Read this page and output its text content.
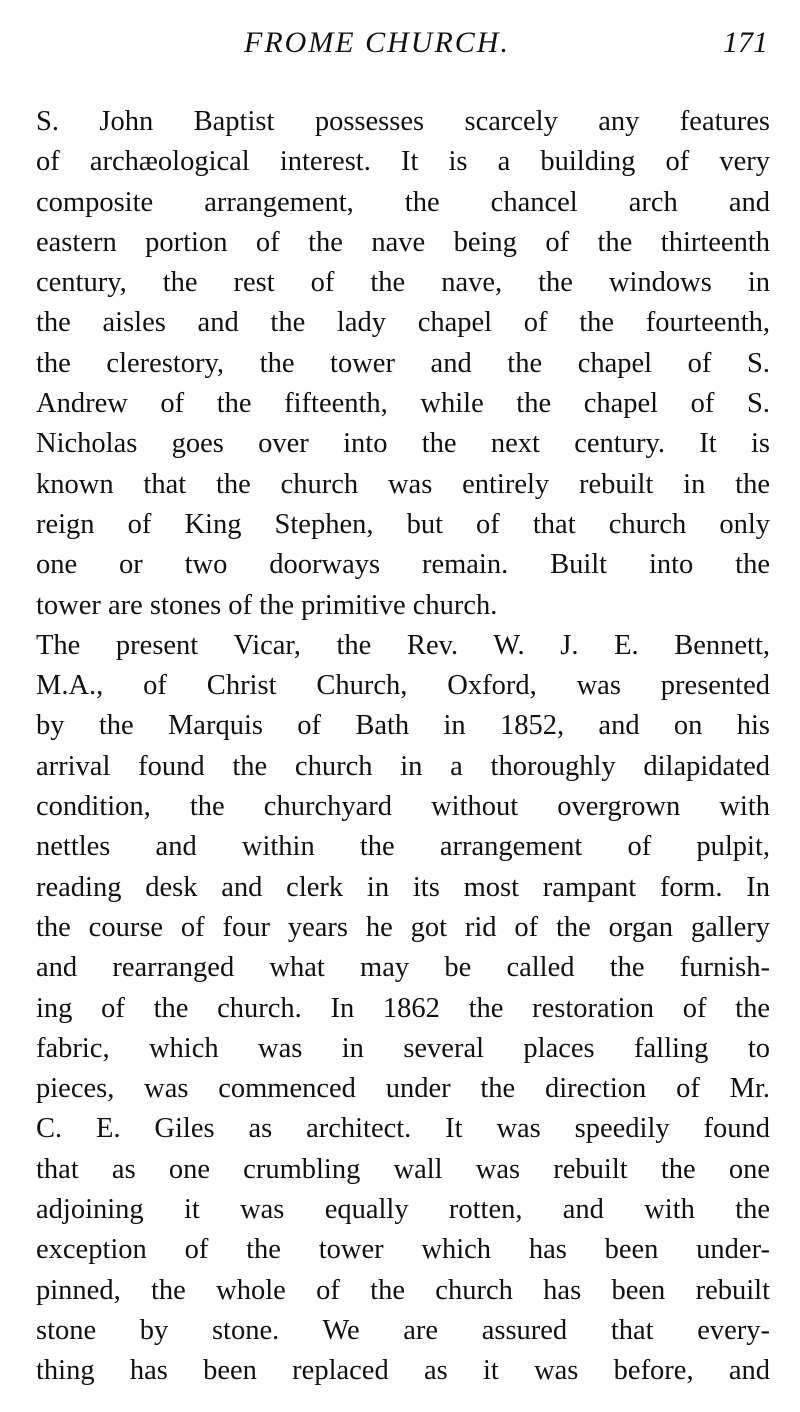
FROME CHURCH.	171
S. John Baptist possesses scarcely any features
of archæological interest. It is a building of very
composite arrangement, the chancel arch and
eastern portion of the nave being of the thirteenth
century, the rest of the nave, the windows in
the aisles and the lady chapel of the fourteenth,
the clerestory, the tower and the chapel of S.
Andrew of the fifteenth, while the chapel of S.
Nicholas goes over into the next century. It is
known that the church was entirely rebuilt in the
reign of King Stephen, but of that church only
one or two doorways remain. Built into the
tower are stones of the primitive church.
The present Vicar, the Rev. W. J. E. Bennett,
M.A., of Christ Church, Oxford, was presented
by the Marquis of Bath in 1852, and on his
arrival found the church in a thoroughly dilapidated
condition, the churchyard without overgrown with
nettles and within the arrangement of pulpit,
reading desk and clerk in its most rampant form. In
the course of four years he got rid of the organ gallery
and rearranged what may be called the furnish-
ing of the church. In 1862 the restoration of the
fabric, which was in several places falling to
pieces, was commenced under the direction of Mr.
C. E. Giles as architect. It was speedily found
that as one crumbling wall was rebuilt the one
adjoining it was equally rotten, and with the
exception of the tower which has been under-
pinned, the whole of the church has been rebuilt
stone by stone. We are assured that every-
thing has been replaced as it was before, and
